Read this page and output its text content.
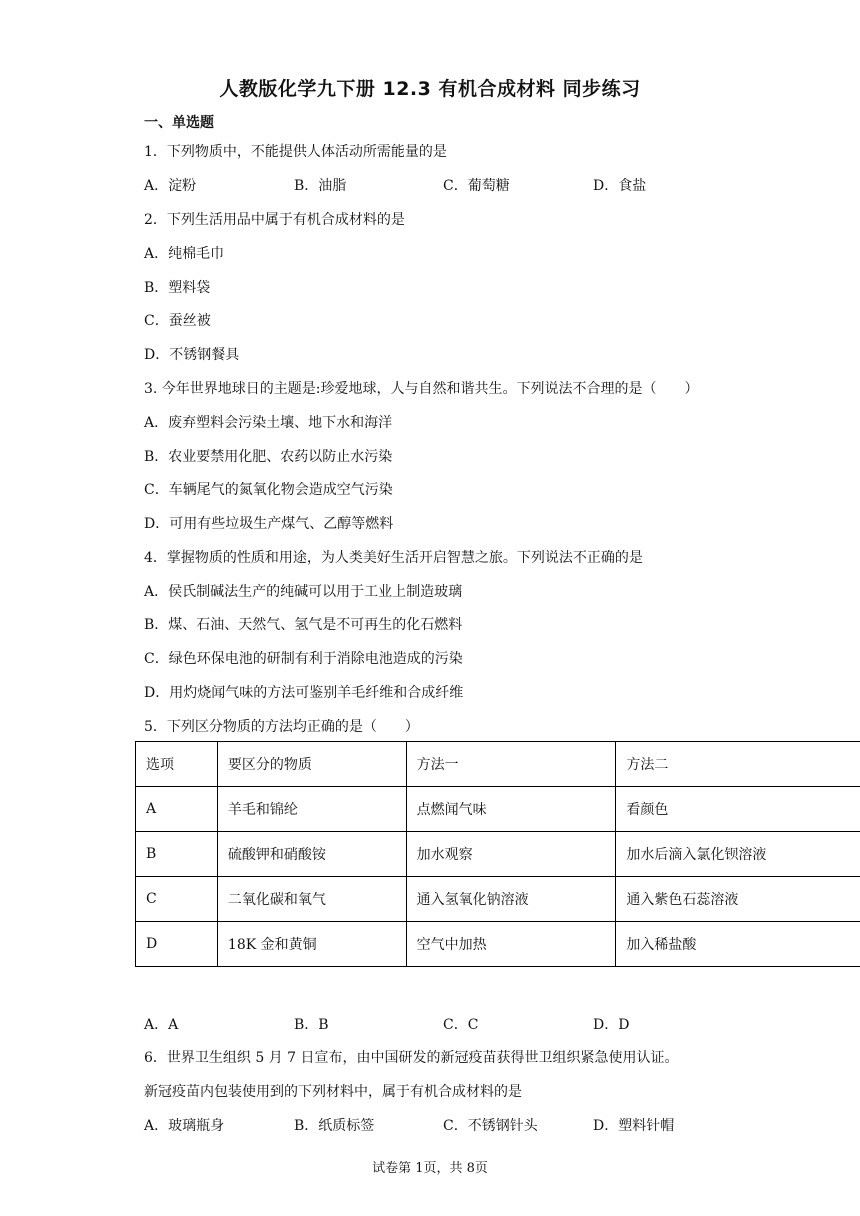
人教版化学九下册 12.3 有机合成材料 同步练习
一、单选题
1．下列物质中，不能提供人体活动所需能量的是
A．淀粉	B．油脂	C．葡萄糖	D．食盐
2．下列生活用品中属于有机合成材料的是
A．纯棉毛巾
B．塑料袋
C．蚕丝被
D．不锈钢餐具
3. 今年世界地球日的主题是:珍爱地球，人与自然和谐共生。下列说法不合理的是（　　）
A．废弃塑料会污染土壤、地下水和海洋
B．农业要禁用化肥、农药以防止水污染
C．车辆尾气的氮氧化物会造成空气污染
D．可用有些垃圾生产煤气、乙醇等燃料
4．掌握物质的性质和用途，为人类美好生活开启智慧之旅。下列说法不正确的是
A．侯氏制碱法生产的纯碱可以用于工业上制造玻璃
B．煤、石油、天然气、氢气是不可再生的化石燃料
C．绿色环保电池的研制有利于消除电池造成的污染
D．用灼烧闻气味的方法可鉴别羊毛纤维和合成纤维
5．下列区分物质的方法均正确的是（　　）
选项	要区分的物质	方法一	方法二
A	羊毛和锦纶	点燃闻气味	看颜色
B	硫酸钾和硝酸铵	加水观察	加水后滴入氯化钡溶液
C	二氧化碳和氧气	通入氢氧化钠溶液	通入紫色石蕊溶液
D	18K 金和黄铜	空气中加热	加入稀盐酸
A．A	B．B	C．C	D．D
6．世界卫生组织 5 月 7 日宣布，由中国研发的新冠疫苗获得世卫组织紧急使用认证。
新冠疫苗内包装使用到的下列材料中，属于有机合成材料的是
A．玻璃瓶身	B．纸质标签	C．不锈钢针头	D．塑料针帽
试卷第 1页，共 8页
